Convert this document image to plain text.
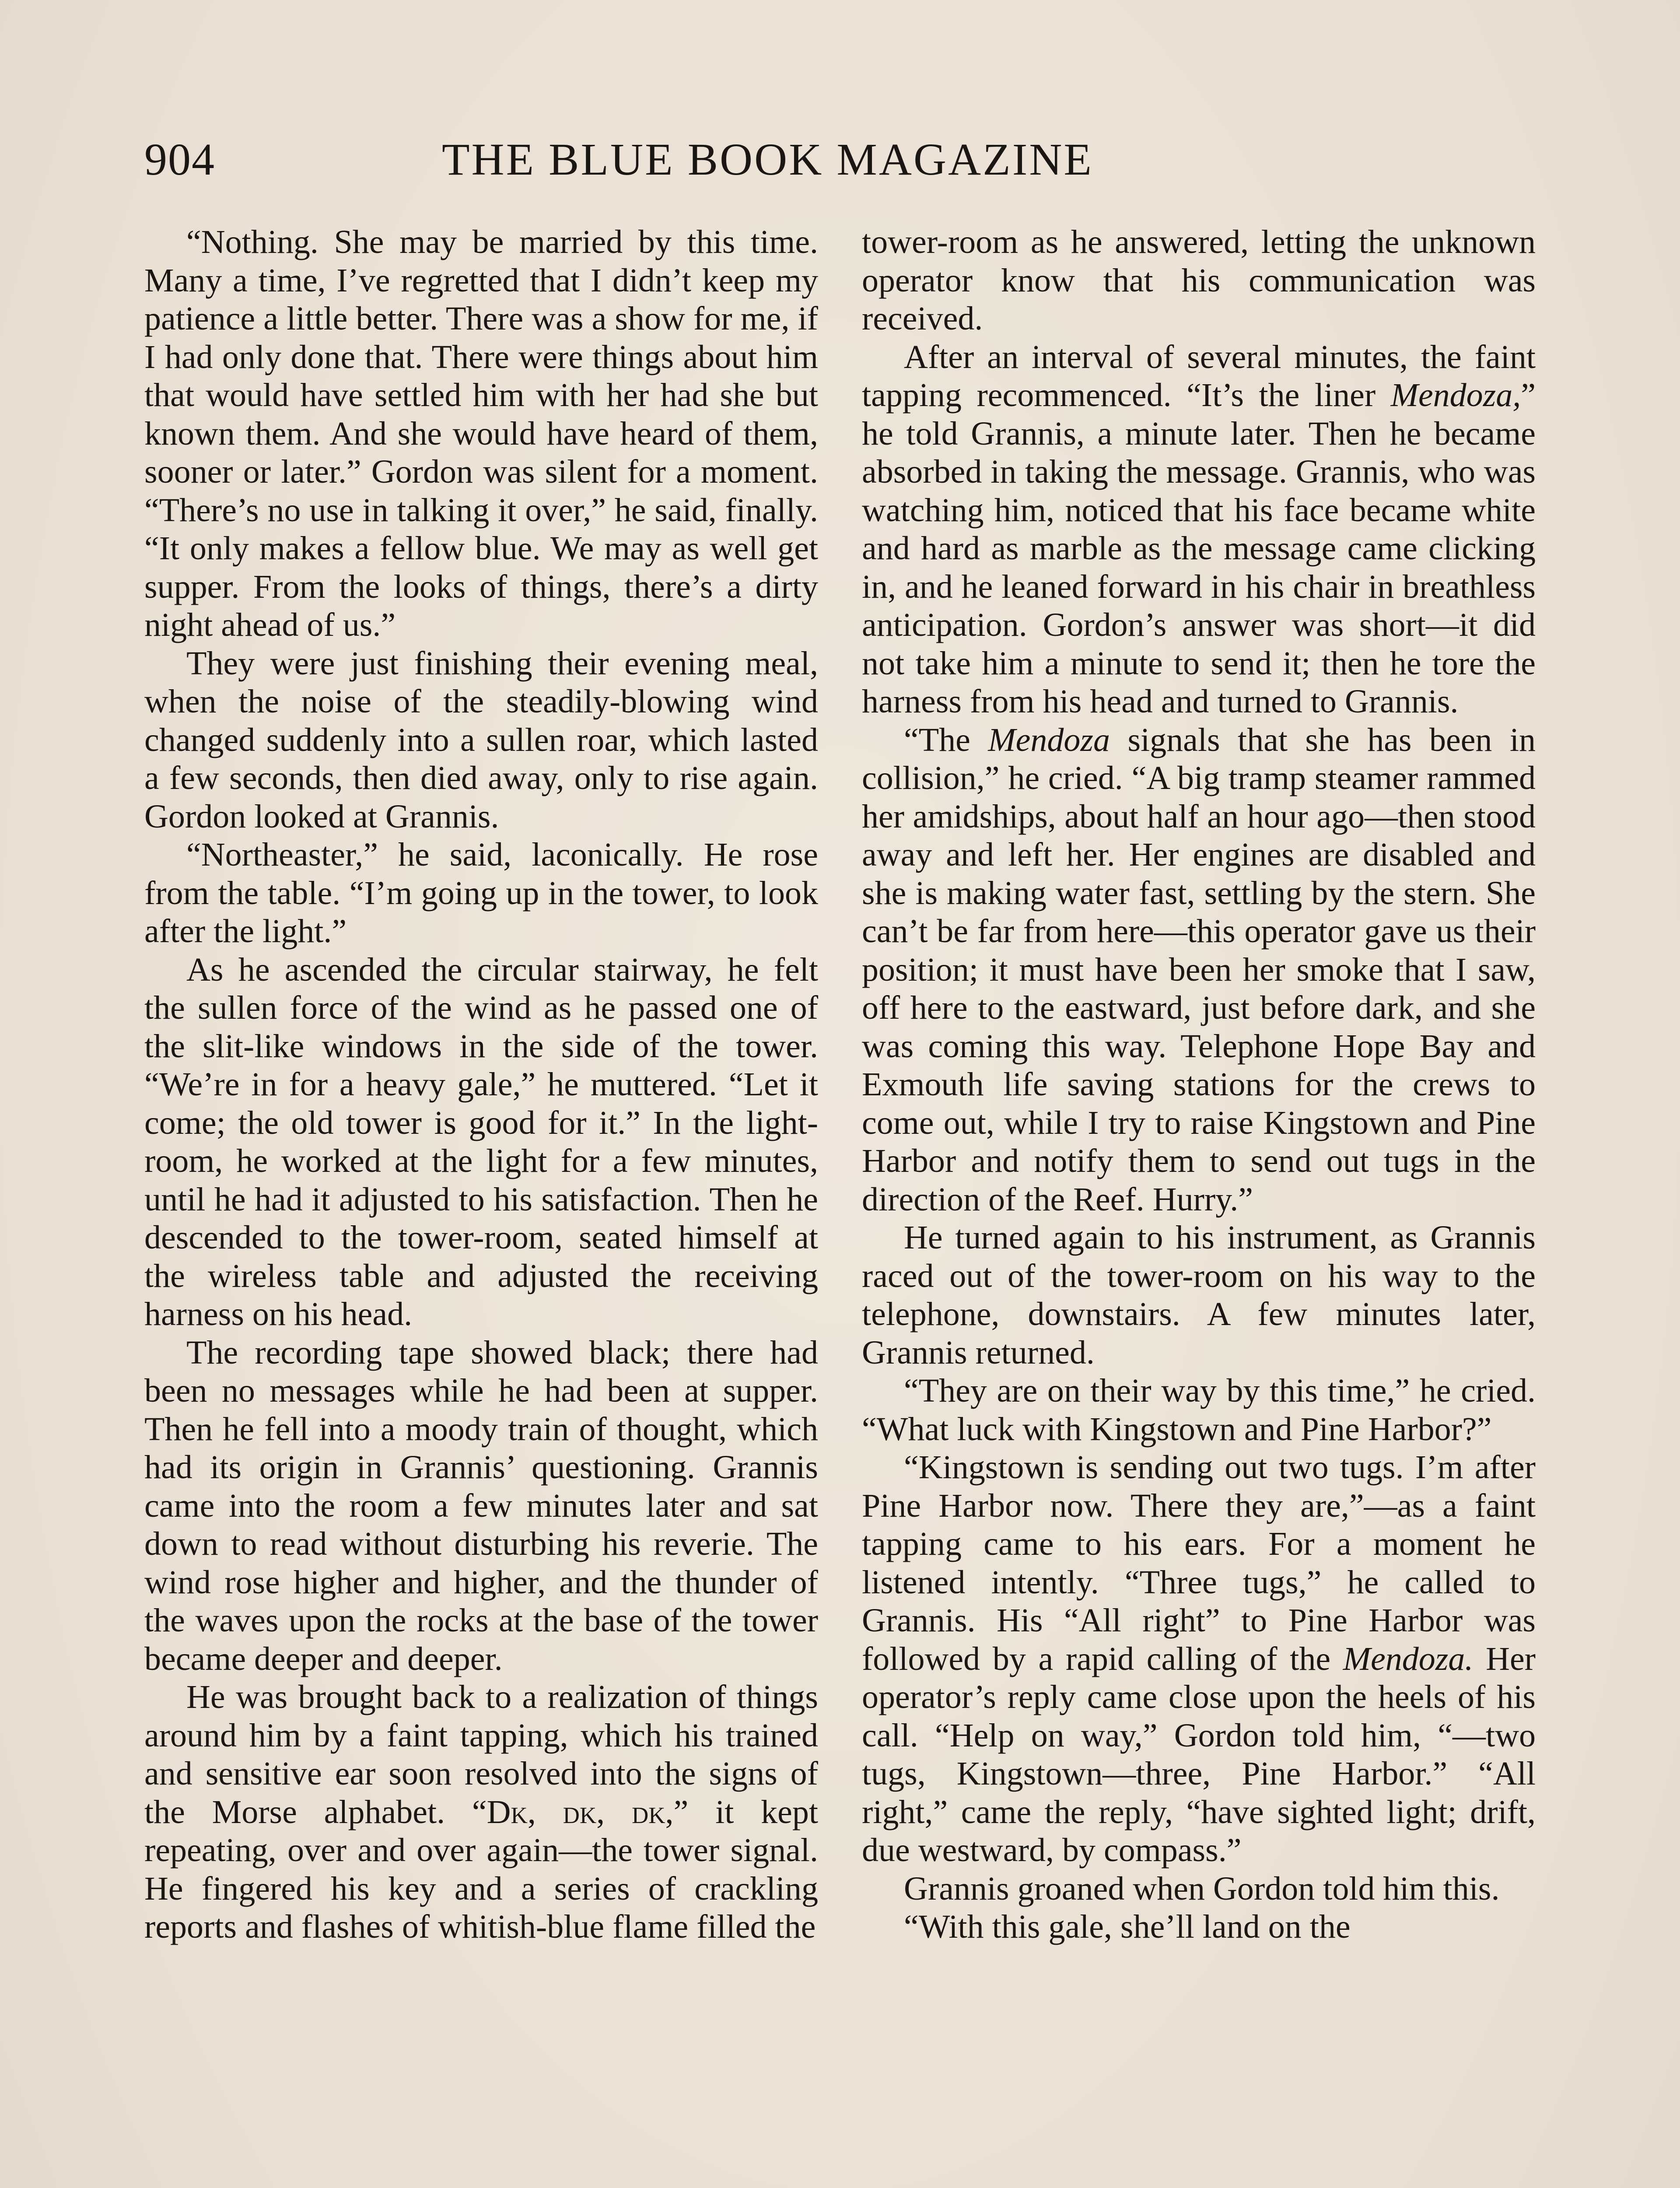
904	THE BLUE BOOK MAGAZINE

“Nothing. She may be married by this time. Many a time, I’ve regretted that I didn’t keep my patience a little better. There was a show for me, if I had only done that. There were things about him that would have settled him with her had she but known them. And she would have heard of them, sooner or later.” Gordon was silent for a moment. “There’s no use in talking it over,” he said, finally. “It only makes a fellow blue. We may as well get supper. From the looks of things, there’s a dirty night ahead of us.”

They were just finishing their evening meal, when the noise of the steadily-blowing wind changed suddenly into a sullen roar, which lasted a few seconds, then died away, only to rise again. Gordon looked at Grannis.

“Northeaster,” he said, laconically. He rose from the table. “I’m going up in the tower, to look after the light.”

As he ascended the circular stairway, he felt the sullen force of the wind as he passed one of the slit-like windows in the side of the tower. “We’re in for a heavy gale,” he muttered. “Let it come; the old tower is good for it.” In the light-room, he worked at the light for a few minutes, until he had it adjusted to his satisfaction. Then he descended to the tower-room, seated himself at the wireless table and adjusted the receiving harness on his head.

The recording tape showed black; there had been no messages while he had been at supper. Then he fell into a moody train of thought, which had its origin in Grannis’ questioning. Grannis came into the room a few minutes later and sat down to read without disturbing his reverie. The wind rose higher and higher, and the thunder of the waves upon the rocks at the base of the tower became deeper and deeper.

He was brought back to a realization of things around him by a faint tapping, which his trained and sensitive ear soon resolved into the signs of the Morse alphabet. “Dk, dk, dk,” it kept repeating, over and over again—the tower signal. He fingered his key and a series of crackling reports and flashes of whitish-blue flame filled the

tower-room as he answered, letting the unknown operator know that his communication was received.

After an interval of several minutes, the faint tapping recommenced. “It’s the liner Mendoza,” he told Grannis, a minute later. Then he became absorbed in taking the message. Grannis, who was watching him, noticed that his face became white and hard as marble as the message came clicking in, and he leaned forward in his chair in breathless anticipation. Gordon’s answer was short—it did not take him a minute to send it; then he tore the harness from his head and turned to Grannis.

“The Mendoza signals that she has been in collision,” he cried. “A big tramp steamer rammed her amidships, about half an hour ago—then stood away and left her. Her engines are disabled and she is making water fast, settling by the stern. She can’t be far from here—this operator gave us their position; it must have been her smoke that I saw, off here to the eastward, just before dark, and she was coming this way. Telephone Hope Bay and Exmouth life saving stations for the crews to come out, while I try to raise Kingstown and Pine Harbor and notify them to send out tugs in the direction of the Reef. Hurry.”

He turned again to his instrument, as Grannis raced out of the tower-room on his way to the telephone, downstairs. A few minutes later, Grannis returned.

“They are on their way by this time,” he cried. “What luck with Kingstown and Pine Harbor?”

“Kingstown is sending out two tugs. I’m after Pine Harbor now. There they are,”—as a faint tapping came to his ears. For a moment he listened intently. “Three tugs,” he called to Grannis. His “All right” to Pine Harbor was followed by a rapid calling of the Mendoza. Her operator’s reply came close upon the heels of his call. “Help on way,” Gordon told him, “—two tugs, Kingstown—three, Pine Harbor.” “All right,” came the reply, “have sighted light; drift, due westward, by compass.”

Grannis groaned when Gordon told him this.

“With this gale, she’ll land on the
